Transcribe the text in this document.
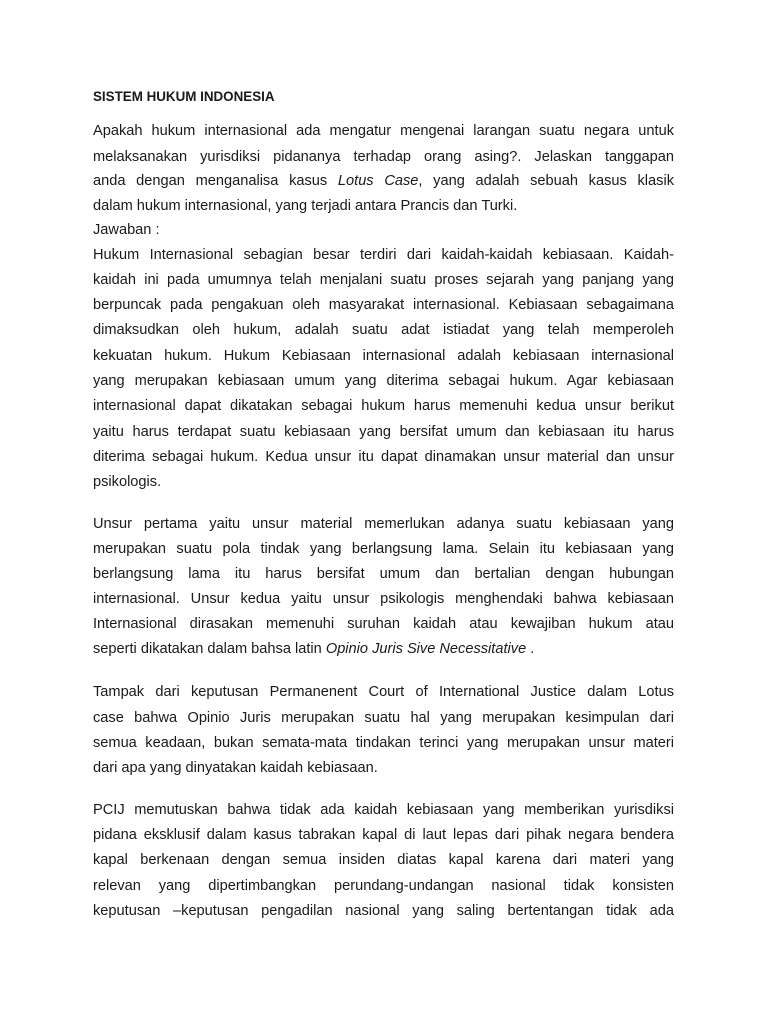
SISTEM HUKUM INDONESIA

Apakah hukum internasional ada mengatur mengenai larangan suatu negara untuk

melaksanakan yurisdiksi pidananya terhadap orang asing?. Jelaskan tanggapan

anda dengan menganalisa kasus Lotus Case, yang adalah sebuah kasus klasik

dalam hukum internasional, yang terjadi antara Prancis dan Turki.

Jawaban :

Hukum Internasional sebagian besar terdiri dari kaidah-kaidah kebiasaan. Kaidah-

kaidah ini pada umumnya telah menjalani suatu proses sejarah yang panjang yang

berpuncak pada pengakuan oleh masyarakat internasional. Kebiasaan sebagaimana

dimaksudkan oleh hukum, adalah suatu adat istiadat yang telah memperoleh

kekuatan hukum. Hukum Kebiasaan internasional adalah kebiasaan internasional

yang merupakan kebiasaan umum yang diterima sebagai hukum. Agar kebiasaan

internasional dapat dikatakan sebagai hukum harus memenuhi kedua unsur berikut

yaitu harus terdapat suatu kebiasaan yang bersifat umum dan kebiasaan itu harus

diterima sebagai hukum. Kedua unsur itu dapat dinamakan unsur material dan unsur

psikologis.

Unsur pertama yaitu unsur material memerlukan adanya suatu kebiasaan yang

merupakan suatu pola tindak yang berlangsung lama. Selain itu kebiasaan yang

berlangsung lama itu harus bersifat umum dan bertalian dengan hubungan

internasional. Unsur kedua yaitu unsur psikologis menghendaki bahwa kebiasaan

Internasional dirasakan memenuhi suruhan kaidah atau kewajiban hukum atau

seperti dikatakan dalam bahsa latin Opinio Juris Sive Necessitative .

Tampak dari keputusan Permanenent Court of International Justice dalam Lotus

case bahwa Opinio Juris merupakan suatu hal yang merupakan kesimpulan dari

semua keadaan, bukan semata-mata tindakan terinci yang merupakan unsur materi

dari apa yang dinyatakan kaidah kebiasaan.

PCIJ memutuskan bahwa tidak ada kaidah kebiasaan yang memberikan yurisdiksi

pidana eksklusif dalam kasus tabrakan kapal di laut lepas dari pihak negara bendera

kapal berkenaan dengan semua insiden diatas kapal karena dari materi yang

relevan yang dipertimbangkan perundang-undangan nasional tidak konsisten

keputusan –keputusan pengadilan nasional yang saling bertentangan tidak ada
